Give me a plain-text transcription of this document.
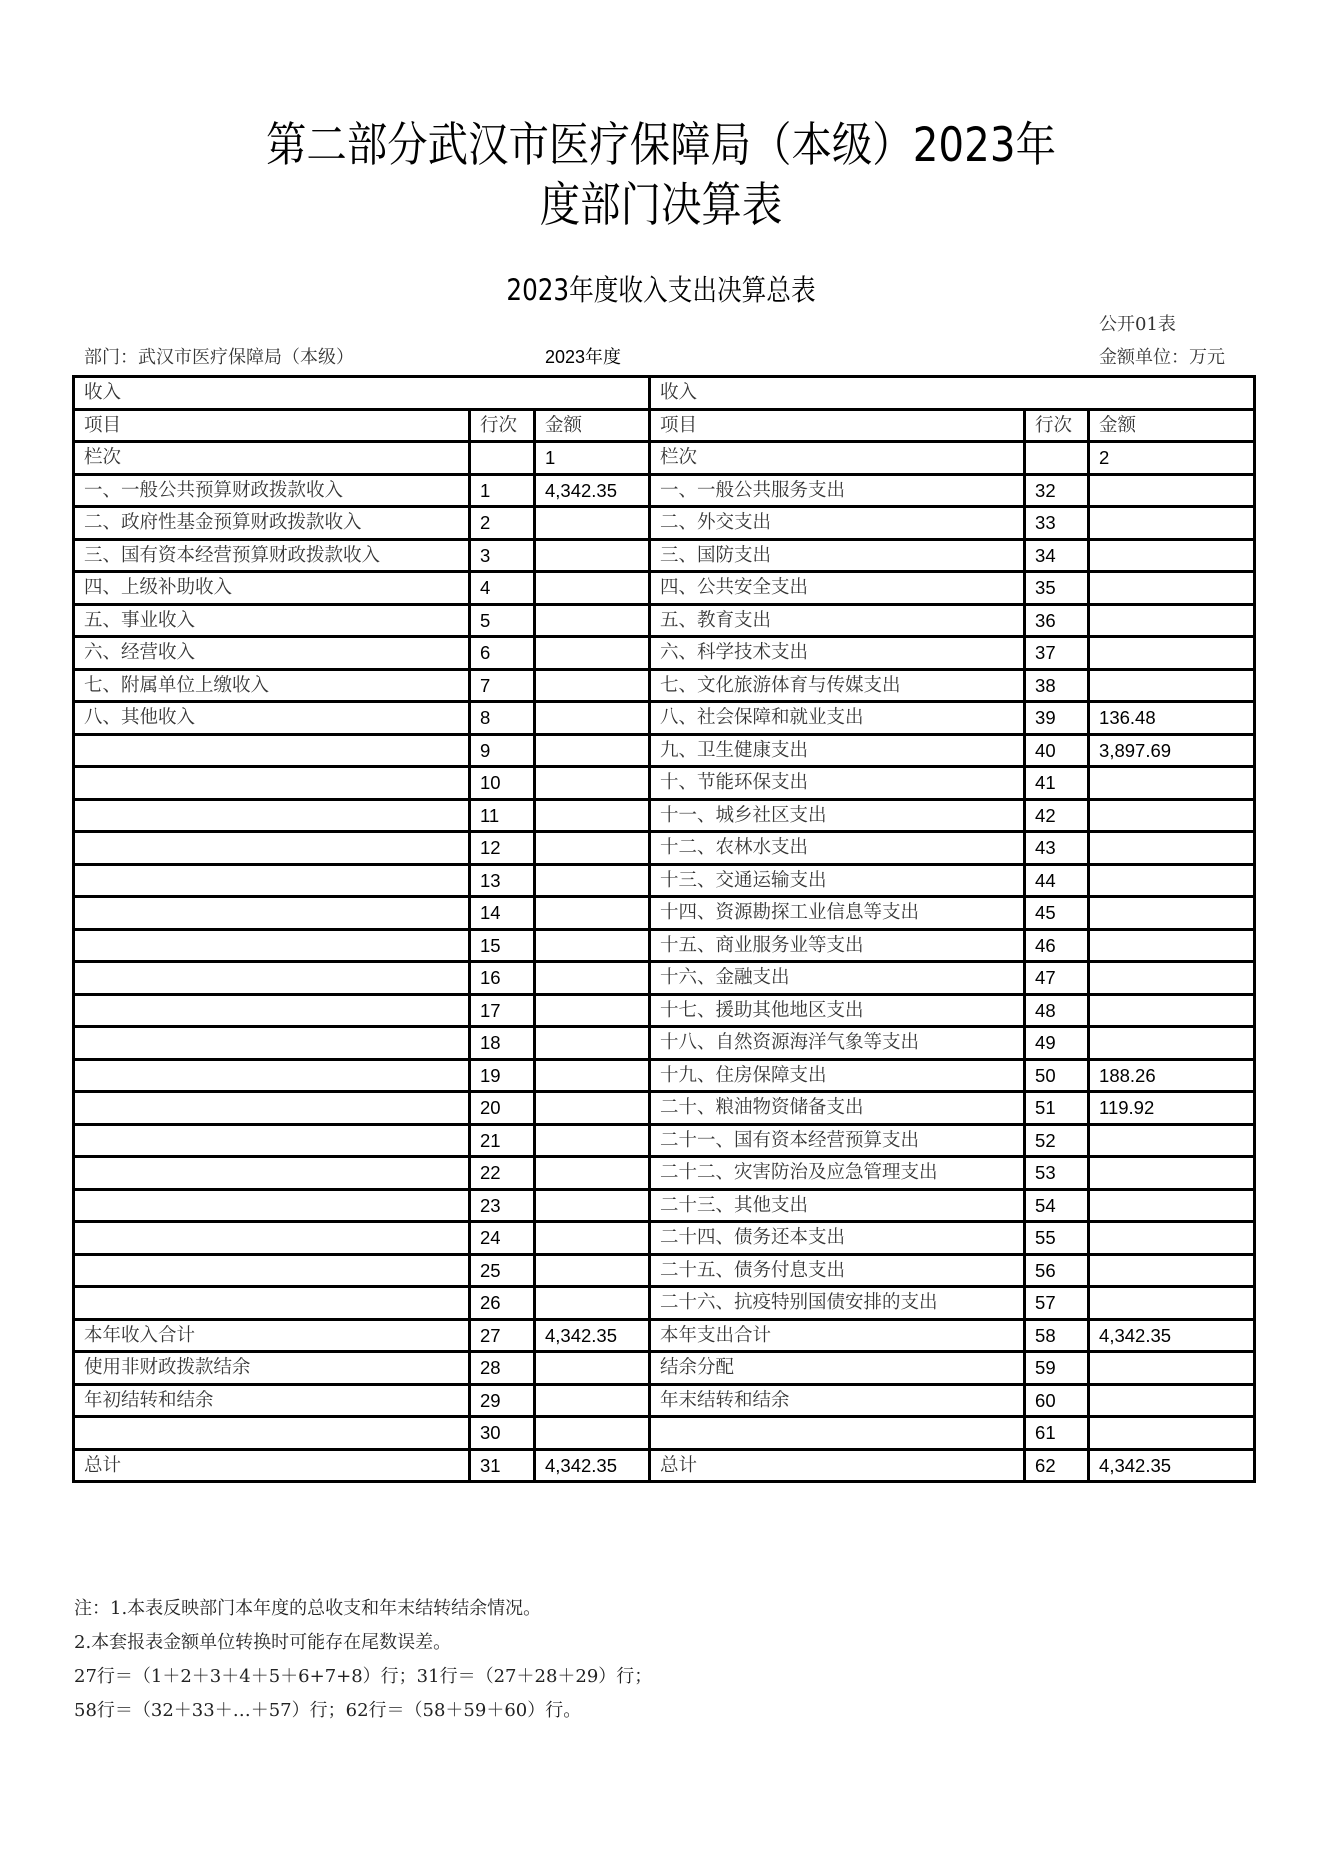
第二部分武汉市医疗保障局（本级）2023年
度部门决算表
2023年度收入支出决算总表
公开01表
部门：武汉市医疗保障局（本级）	2023年度	金额单位：万元
收入			收入		
项目	行次	金额	项目	行次	金额
栏次		1	栏次		2
一、一般公共预算财政拨款收入	1	4,342.35	一、一般公共服务支出	32	
二、政府性基金预算财政拨款收入	2		二、外交支出	33	
三、国有资本经营预算财政拨款收入	3		三、国防支出	34	
四、上级补助收入	4		四、公共安全支出	35	
五、事业收入	5		五、教育支出	36	
六、经营收入	6		六、科学技术支出	37	
七、附属单位上缴收入	7		七、文化旅游体育与传媒支出	38	
八、其他收入	8		八、社会保障和就业支出	39	136.48
	9		九、卫生健康支出	40	3,897.69
	10		十、节能环保支出	41	
	11		十一、城乡社区支出	42	
	12		十二、农林水支出	43	
	13		十三、交通运输支出	44	
	14		十四、资源勘探工业信息等支出	45	
	15		十五、商业服务业等支出	46	
	16		十六、金融支出	47	
	17		十七、援助其他地区支出	48	
	18		十八、自然资源海洋气象等支出	49	
	19		十九、住房保障支出	50	188.26
	20		二十、粮油物资储备支出	51	119.92
	21		二十一、国有资本经营预算支出	52	
	22		二十二、灾害防治及应急管理支出	53	
	23		二十三、其他支出	54	
	24		二十四、债务还本支出	55	
	25		二十五、债务付息支出	56	
	26		二十六、抗疫特别国债安排的支出	57	
本年收入合计	27	4,342.35	本年支出合计	58	4,342.35
使用非财政拨款结余	28		结余分配	59	
年初结转和结余	29		年末结转和结余	60	
	30			61	
总计	31	4,342.35	总计	62	4,342.35
注：1.本表反映部门本年度的总收支和年末结转结余情况。
2.本套报表金额单位转换时可能存在尾数误差。
27行＝（1＋2＋3＋4＋5＋6+7+8）行；31行＝（27＋28＋29）行；
58行＝（32＋33＋…＋57）行；62行＝（58＋59＋60）行。
